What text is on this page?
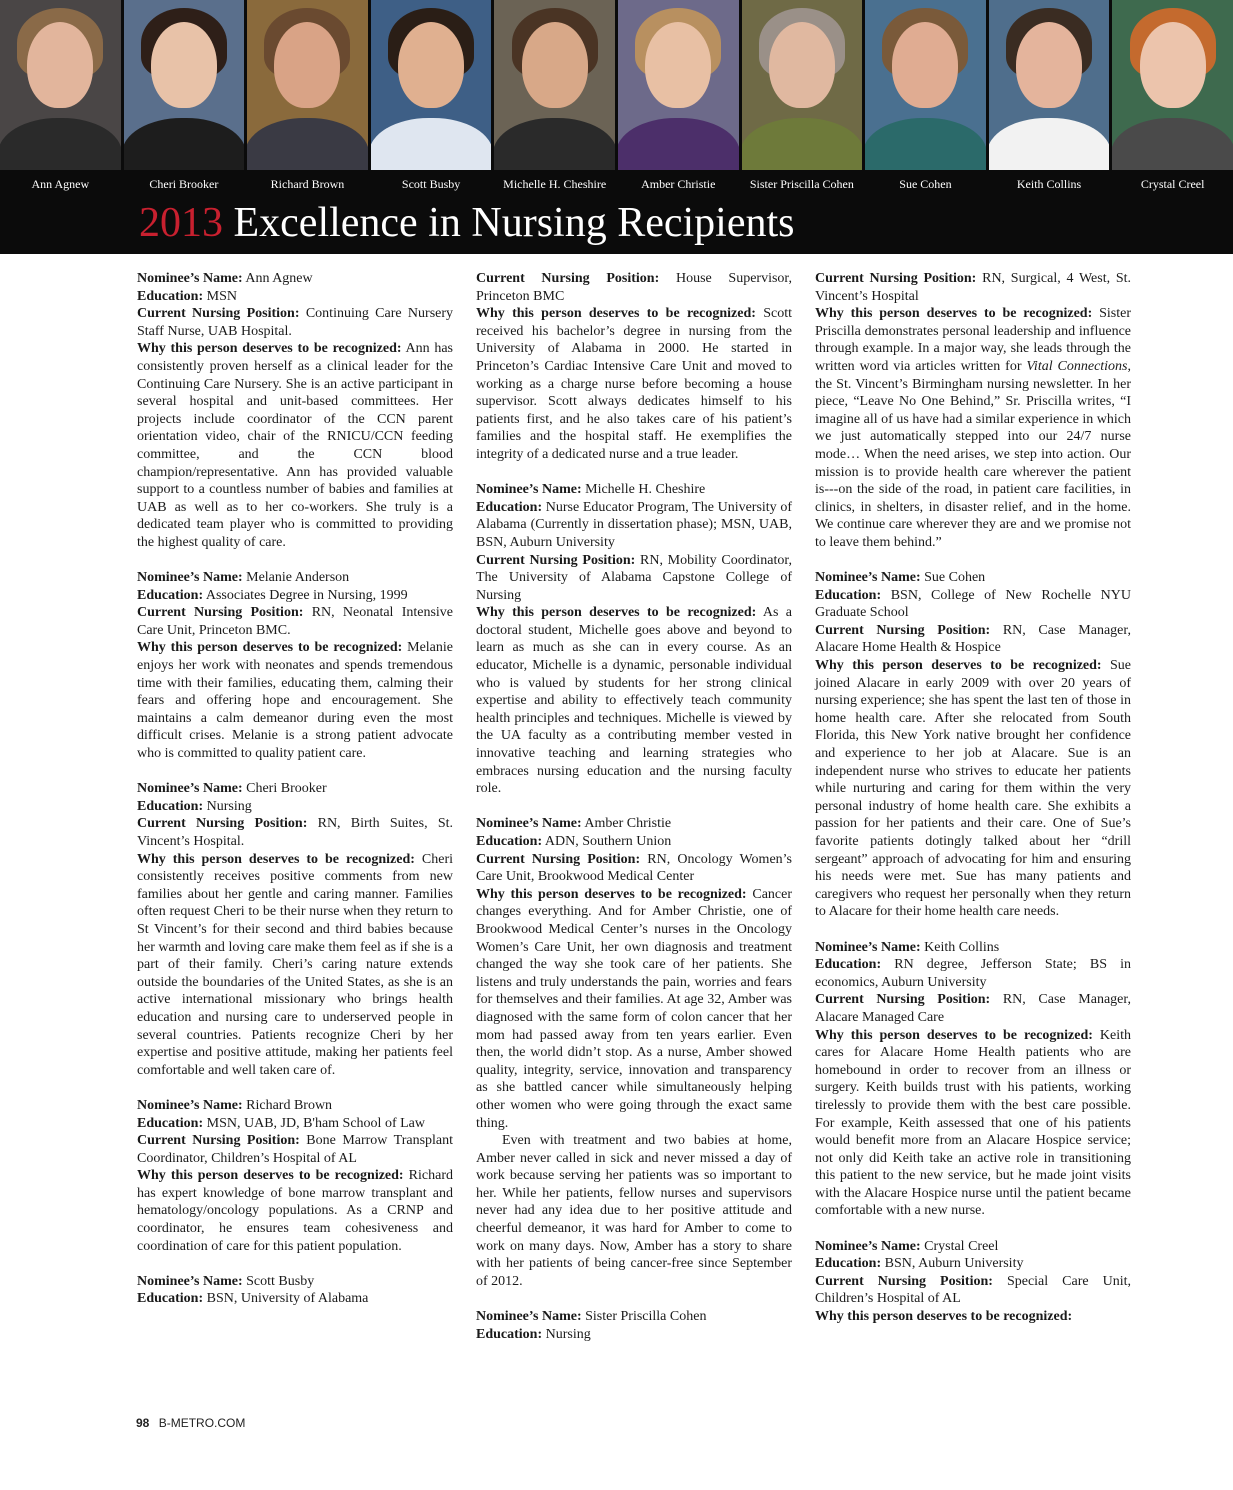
Ann Agnew	Cheri Brooker	Richard Brown	Scott Busby	Michelle H. Cheshire	Amber Christie	Sister Priscilla Cohen	Sue Cohen	Keith Collins	Crystal Creel
2013 Excellence in Nursing Recipients

Nominee’s Name: Ann Agnew

Education: MSN

Current Nursing Position: Continuing Care Nursery Staff Nurse, UAB Hospital.

Why this person deserves to be recognized: Ann has consistently proven herself as a clinical leader for the Continuing Care Nursery. She is an active participant in several hospital and unit-based committees. Her projects include coordinator of the CCN parent orientation video, chair of the RNICU/CCN feeding committee, and the CCN blood champion/representative. Ann has provided valuable support to a countless number of babies and families at UAB as well as to her co-workers. She truly is a dedicated team player who is committed to providing the highest quality of care.

Nominee’s Name: Melanie Anderson

Education: Associates Degree in Nursing, 1999

Current Nursing Position: RN, Neonatal Intensive Care Unit, Princeton BMC.

Why this person deserves to be recognized: Melanie enjoys her work with neonates and spends tremendous time with their families, educating them, calming their fears and offering hope and encouragement. She maintains a calm demeanor during even the most difficult crises. Melanie is a strong patient advocate who is committed to quality patient care.

Nominee’s Name: Cheri Brooker

Education: Nursing

Current Nursing Position: RN, Birth Suites, St. Vincent’s Hospital.

Why this person deserves to be recognized: Cheri consistently receives positive comments from new families about her gentle and caring manner. Families often request Cheri to be their nurse when they return to St Vincent’s for their second and third babies because her warmth and loving care make them feel as if she is a part of their family. Cheri’s caring nature extends outside the boundaries of the United States, as she is an active international missionary who brings health education and nursing care to underserved people in several countries. Patients recognize Cheri by her expertise and positive attitude, making her patients feel comfortable and well taken care of.

Nominee’s Name: Richard Brown

Education: MSN, UAB, JD, B'ham School of Law

Current Nursing Position: Bone Marrow Transplant Coordinator, Children’s Hospital of AL

Why this person deserves to be recognized: Richard has expert knowledge of bone marrow transplant and hematology/oncology populations. As a CRNP and coordinator, he ensures team cohesiveness and coordination of care for this patient population.

Nominee’s Name: Scott Busby

Education: BSN, University of Alabama

Current Nursing Position: House Supervisor, Princeton BMC

Why this person deserves to be recognized: Scott received his bachelor’s degree in nursing from the University of Alabama in 2000. He started in Princeton’s Cardiac Intensive Care Unit and moved to working as a charge nurse before becoming a house supervisor. Scott always dedicates himself to his patients first, and he also takes care of his patient’s families and the hospital staff. He exemplifies the integrity of a dedicated nurse and a true leader.

Nominee’s Name: Michelle H. Cheshire

Education: Nurse Educator Program, The University of Alabama (Currently in dissertation phase); MSN, UAB, BSN, Auburn University

Current Nursing Position: RN, Mobility Coordinator, The University of Alabama Capstone College of Nursing

Why this person deserves to be recognized: As a doctoral student, Michelle goes above and beyond to learn as much as she can in every course. As an educator, Michelle is a dynamic, personable individual who is valued by students for her strong clinical expertise and ability to effectively teach community health principles and techniques. Michelle is viewed by the UA faculty as a contributing member vested in innovative teaching and learning strategies who embraces nursing education and the nursing faculty role.

Nominee’s Name: Amber Christie

Education: ADN, Southern Union

Current Nursing Position: RN, Oncology Women’s Care Unit, Brookwood Medical Center

Why this person deserves to be recognized: Cancer changes everything. And for Amber Christie, one of Brookwood Medical Center’s nurses in the Oncology Women’s Care Unit, her own diagnosis and treatment changed the way she took care of her patients. She listens and truly understands the pain, worries and fears for themselves and their families. At age 32, Amber was diagnosed with the same form of colon cancer that her mom had passed away from ten years earlier. Even then, the world didn’t stop. As a nurse, Amber showed quality, integrity, service, innovation and transparency as she battled cancer while simultaneously helping other women who were going through the exact same thing.

Even with treatment and two babies at home, Amber never called in sick and never missed a day of work because serving her patients was so important to her. While her patients, fellow nurses and supervisors never had any idea due to her positive attitude and cheerful demeanor, it was hard for Amber to come to work on many days. Now, Amber has a story to share with her patients of being cancer-free since September of 2012.

Nominee’s Name: Sister Priscilla Cohen

Education: Nursing

Current Nursing Position: RN, Surgical, 4 West, St. Vincent’s Hospital

Why this person deserves to be recognized: Sister Priscilla demonstrates personal leadership and influence through example. In a major way, she leads through the written word via articles written for Vital Connections, the St. Vincent’s Birmingham nursing newsletter. In her piece, “Leave No One Behind,” Sr. Priscilla writes, “I imagine all of us have had a similar experience in which we just automatically stepped into our 24/7 nurse mode… When the need arises, we step into action. Our mission is to provide health care wherever the patient is---on the side of the road, in patient care facilities, in clinics, in shelters, in disaster relief, and in the home. We continue care wherever they are and we promise not to leave them behind.”

Nominee’s Name: Sue Cohen

Education: BSN, College of New Rochelle NYU Graduate School

Current Nursing Position: RN, Case Manager, Alacare Home Health & Hospice

Why this person deserves to be recognized: Sue joined Alacare in early 2009 with over 20 years of nursing experience; she has spent the last ten of those in home health care. After she relocated from South Florida, this New York native brought her confidence and experience to her job at Alacare. Sue is an independent nurse who strives to educate her patients while nurturing and caring for them within the very personal industry of home health care. She exhibits a passion for her patients and their care. One of Sue’s favorite patients dotingly talked about her “drill sergeant” approach of advocating for him and ensuring his needs were met. Sue has many patients and caregivers who request her personally when they return to Alacare for their home health care needs.

Nominee’s Name: Keith Collins

Education: RN degree, Jefferson State; BS in economics, Auburn University

Current Nursing Position: RN, Case Manager, Alacare Managed Care

Why this person deserves to be recognized: Keith cares for Alacare Home Health patients who are homebound in order to recover from an illness or surgery. Keith builds trust with his patients, working tirelessly to provide them with the best care possible. For example, Keith assessed that one of his patients would benefit more from an Alacare Hospice service; not only did Keith take an active role in transitioning this patient to the new service, but he made joint visits with the Alacare Hospice nurse until the patient became comfortable with a new nurse.

Nominee’s Name: Crystal Creel

Education: BSN, Auburn University

Current Nursing Position: Special Care Unit, Children’s Hospital of AL

Why this person deserves to be recognized:

98 B-METRO.COM
